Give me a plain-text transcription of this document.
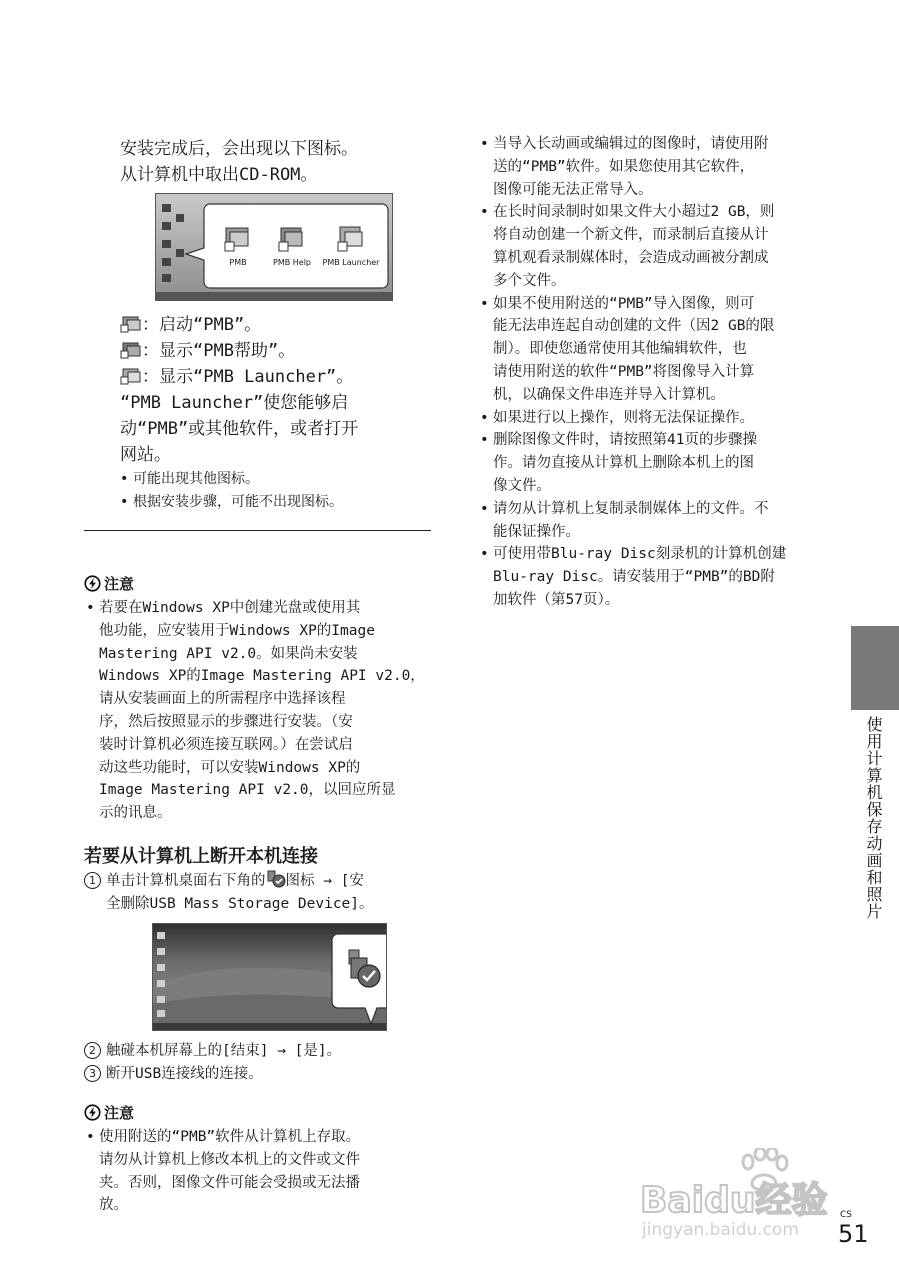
安装完成后，会出现以下图标。
从计算机中取出CD-ROM。
PMB	PMB Help	PMB Launcher
：启动“PMB”。
：显示“PMB帮助”。
：显示“PMB Launcher”。
“PMB Launcher”使您能够启
动“PMB”或其他软件，或者打开
网站。
• 可能出现其他图标。
• 根据安装步骤，可能不出现图标。
注意
• 若要在Windows XP中创建光盘或使用其
他功能，应安装用于Windows XP的Image
Mastering API v2.0。如果尚未安装
Windows XP的Image Mastering API v2.0，
请从安装画面上的所需程序中选择该程
序，然后按照显示的步骤进行安装。（安
装时计算机必须连接互联网。）在尝试启
动这些功能时，可以安装Windows XP的
Image Mastering API v2.0，以回应所显
示的讯息。
若要从计算机上断开本机连接
1 单击计算机桌面右下角的 图标 → [安
全删除USB Mass Storage Device]。
2 触碰本机屏幕上的[结束] → [是]。
3 断开USB连接线的连接。
注意
• 使用附送的“PMB”软件从计算机上存取。
请勿从计算机上修改本机上的文件或文件
夹。否则，图像文件可能会受损或无法播
放。
• 当导入长动画或编辑过的图像时，请使用附
送的“PMB”软件。如果您使用其它软件，
图像可能无法正常导入。
• 在长时间录制时如果文件大小超过2 GB，则
将自动创建一个新文件，而录制后直接从计
算机观看录制媒体时，会造成动画被分割成
多个文件。
• 如果不使用附送的“PMB”导入图像，则可
能无法串连起自动创建的文件（因2 GB的限
制）。即使您通常使用其他编辑软件，也
请使用附送的软件“PMB”将图像导入计算
机，以确保文件串连并导入计算机。
• 如果进行以上操作，则将无法保证操作。
• 删除图像文件时，请按照第41页的步骤操
作。请勿直接从计算机上删除本机上的图
像文件。
• 请勿从计算机上复制录制媒体上的文件。不
能保证操作。
• 可使用带Blu-ray Disc刻录机的计算机创建
Blu-ray Disc。请安装用于“PMB”的BD附
加软件（第57页）。
使用计算机保存动画和照片
Baidu经验
jingyan.baidu.com
CS
51
